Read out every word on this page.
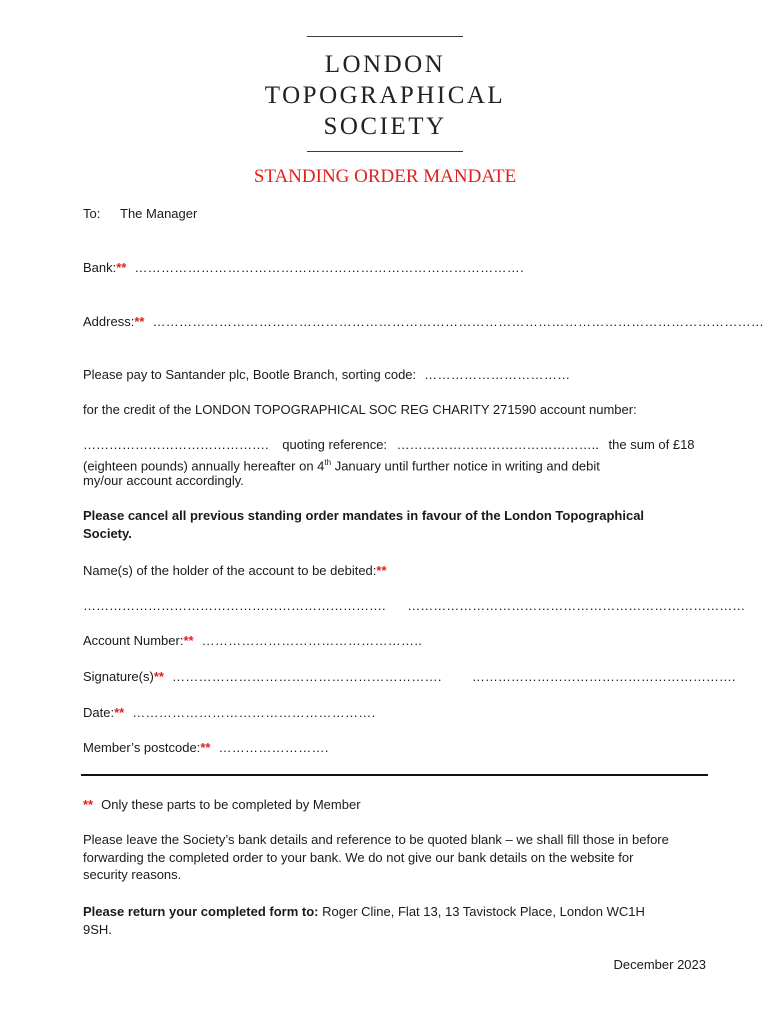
LONDON
TOPOGRAPHICAL
SOCIETY
STANDING ORDER MANDATE
To: The Manager
Bank:** …………………………………………………………………………….
Address:** …………………………………………………………………………………………………………………………
Please pay to Santander plc, Bootle Branch, sorting code: ……………………………
for the credit of the LONDON TOPOGRAPHICAL SOC REG CHARITY 271590 account number:
……………………………………. quoting reference: ……………………………………….. the sum of £18
(eighteen pounds) annually hereafter on 4th January until further notice in writing and debit
my/our account accordingly.
Please cancel all previous standing order mandates in favour of the London Topographical Society.
Name(s) of the holder of the account to be debited:**
……………………………………………………………. ……………………………………………………………………
Account Number:** …………………………………………..
Signature(s)** ……………………………………………………. …………………………………………………….
Date:** ……………………………………………….
Member’s postcode:** …………………….
** Only these parts to be completed by Member
Please leave the Society’s bank details and reference to be quoted blank – we shall fill those in before forwarding the completed order to your bank. We do not give our bank details on the website for security reasons.
Please return your completed form to: Roger Cline, Flat 13, 13 Tavistock Place, London WC1H 9SH.
December 2023
